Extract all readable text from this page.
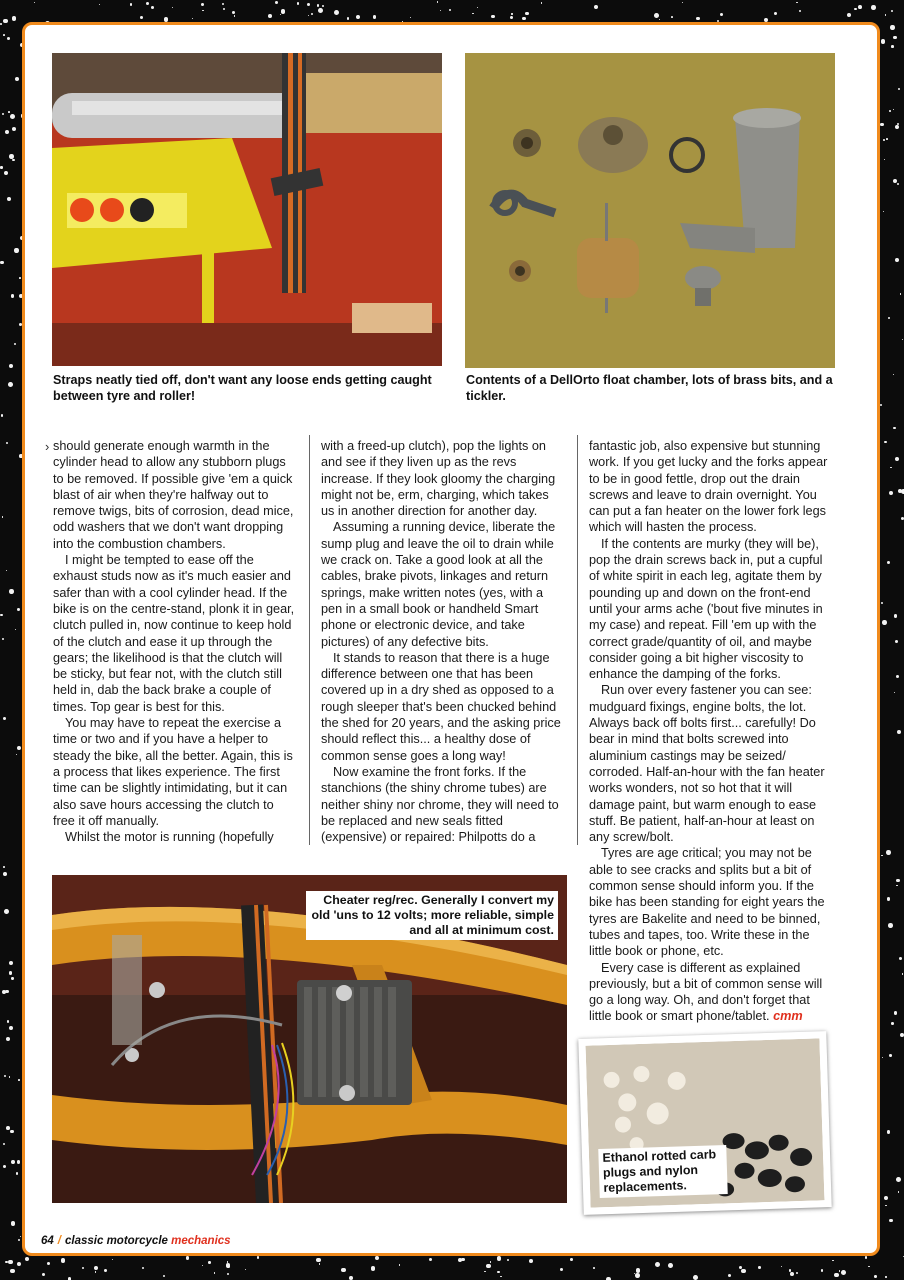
Straps neatly tied off, don't want any loose ends getting caught between tyre and roller!
Contents of a DellOrto float chamber, lots of brass bits, and a tickler.
› should generate enough warmth in the cylinder head to allow any stubborn plugs to be removed. If possible give 'em a quick blast of air when they're halfway out to remove twigs, bits of corrosion, dead mice, odd washers that we don't want dropping into the combustion chambers.

I might be tempted to ease off the exhaust studs now as it's much easier and safer than with a cool cylinder head. If the bike is on the centre-stand, plonk it in gear, clutch pulled in, now continue to keep hold of the clutch and ease it up through the gears; the likelihood is that the clutch will be sticky, but fear not, with the clutch still held in, dab the back brake a couple of times. Top gear is best for this.

You may have to repeat the exercise a time or two and if you have a helper to steady the bike, all the better. Again, this is a process that likes experience. The first time can be slightly intimidating, but it can also save hours accessing the clutch to free it off manually.

Whilst the motor is running (hopefully

with a freed-up clutch), pop the lights on and see if they liven up as the revs increase. If they look gloomy the charging might not be, erm, charging, which takes us in another direction for another day.

Assuming a running device, liberate the sump plug and leave the oil to drain while we crack on. Take a good look at all the cables, brake pivots, linkages and return springs, make written notes (yes, with a pen in a small book or handheld Smart phone or electronic device, and take pictures) of any defective bits.

It stands to reason that there is a huge difference between one that has been covered up in a dry shed as opposed to a rough sleeper that's been chucked behind the shed for 20 years, and the asking price should reflect this... a healthy dose of common sense goes a long way!

Now examine the front forks. If the stanchions (the shiny chrome tubes) are neither shiny nor chrome, they will need to be replaced and new seals fitted (expensive) or repaired: Philpotts do a

fantastic job, also expensive but stunning work. If you get lucky and the forks appear to be in good fettle, drop out the drain screws and leave to drain overnight. You can put a fan heater on the lower fork legs which will hasten the process.

If the contents are murky (they will be), pop the drain screws back in, put a cupful of white spirit in each leg, agitate them by pounding up and down on the front-end until your arms ache ('bout five minutes in my case) and repeat. Fill 'em up with the correct grade/quantity of oil, and maybe consider going a bit higher viscosity to enhance the damping of the forks.

Run over every fastener you can see: mudguard fixings, engine bolts, the lot. Always back off bolts first... carefully! Do bear in mind that bolts screwed into aluminium castings may be seized/ corroded. Half-an-hour with the fan heater works wonders, not so hot that it will damage paint, but warm enough to ease stuff. Be patient, half-an-hour at least on any screw/bolt.

Tyres are age critical; you may not be able to see cracks and splits but a bit of common sense should inform you. If the bike has been standing for eight years the tyres are Bakelite and need to be binned, tubes and tapes, too. Write these in the little book or phone, etc.

Every case is different as explained previously, but a bit of common sense will go a long way. Oh, and don't forget that little book or smart phone/tablet. cmm

Cheater reg/rec. Generally I convert my old 'uns to 12 volts; more reliable, simple and all at minimum cost.
Ethanol rotted carb plugs and nylon replacements.
64 / classic motorcycle mechanics
